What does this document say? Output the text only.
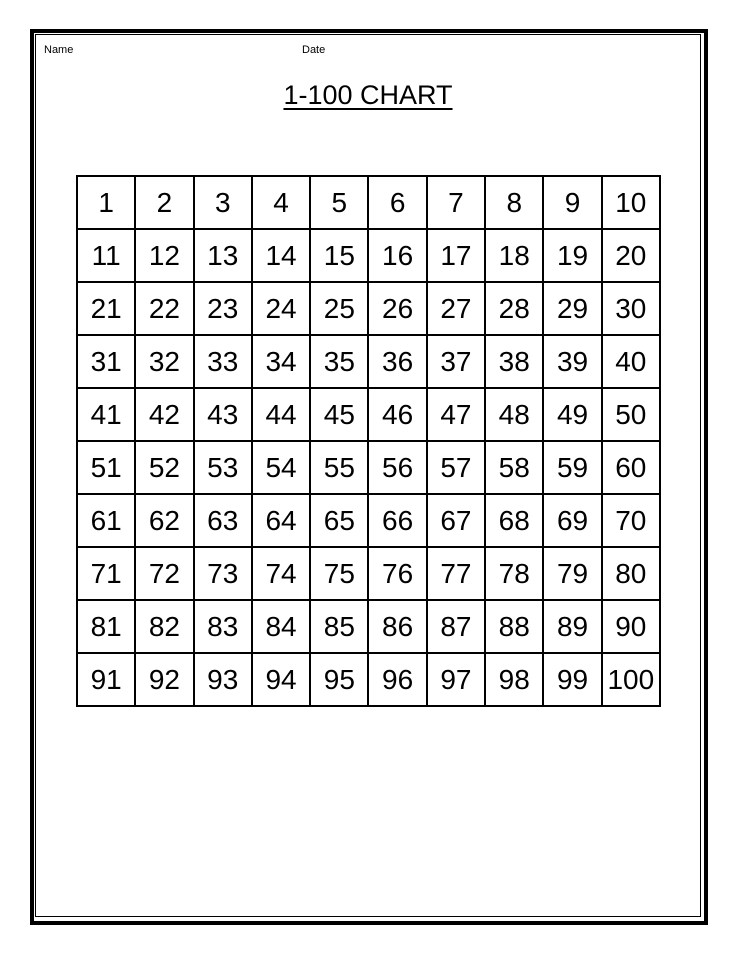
Name	Date
1-100 CHART
1	2	3	4	5	6	7	8	9	10
11	12	13	14	15	16	17	18	19	20
21	22	23	24	25	26	27	28	29	30
31	32	33	34	35	36	37	38	39	40
41	42	43	44	45	46	47	48	49	50
51	52	53	54	55	56	57	58	59	60
61	62	63	64	65	66	67	68	69	70
71	72	73	74	75	76	77	78	79	80
81	82	83	84	85	86	87	88	89	90
91	92	93	94	95	96	97	98	99	100
